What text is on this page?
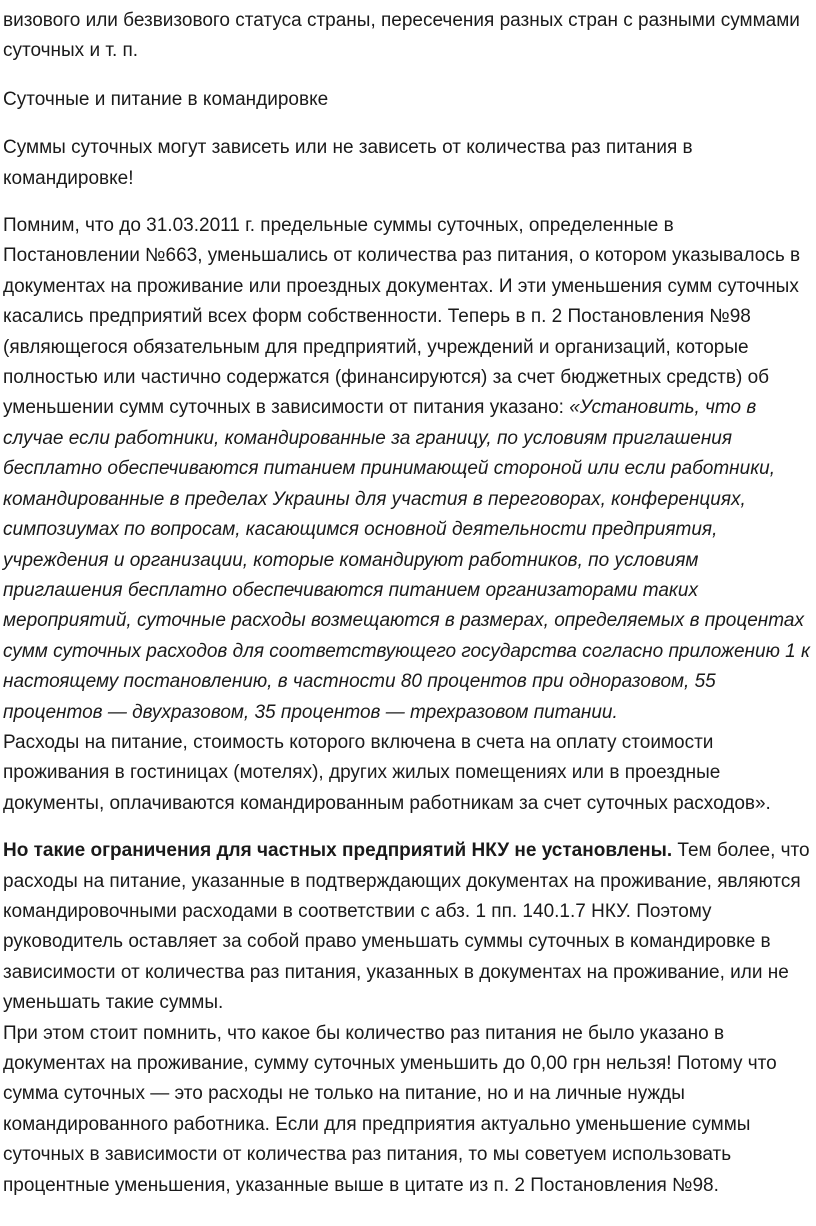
визового или безвизового статуса страны, пересечения разных стран с разными суммами суточных и т. п.

Суточные и питание в командировке

Суммы суточных могут зависеть или не зависеть от количества раз питания в командировке!

Помним, что до 31.03.2011 г. предельные суммы суточных, определенные в Постановлении №663, уменьшались от количества раз питания, о котором указывалось в документах на проживание или проездных документах. И эти уменьшения сумм суточных касались предприятий всех форм собственности. Теперь в п. 2 Постановления №98 (являющегося обязательным для предприятий, учреждений и организаций, которые полностью или частично содержатся (финансируются) за счет бюджетных средств) об уменьшении сумм суточных в зависимости от питания указано: «Установить, что в случае если работники, командированные за границу, по условиям приглашения бесплатно обеспечиваются питанием принимающей стороной или если работники, командированные в пределах Украины для участия в переговорах, конференциях, симпозиумах по вопросам, касающимся основной деятельности предприятия, учреждения и организации, которые командируют работников, по условиям приглашения бесплатно обеспечиваются питанием организаторами таких мероприятий, суточные расходы возмещаются в размерах, определяемых в процентах сумм суточных расходов для соответствующего государства согласно приложению 1 к настоящему постановлению, в частности 80 процентов при одноразовом, 55 процентов — двухразовом, 35 процентов — трехразовом питании.
Расходы на питание, стоимость которого включена в счета на оплату стоимости проживания в гостиницах (мотелях), других жилых помещениях или в проездные документы, оплачиваются командированным работникам за счет суточных расходов».

Но такие ограничения для частных предприятий НКУ не установлены. Тем более, что расходы на питание, указанные в подтверждающих документах на проживание, являются командировочными расходами в соответствии с абз. 1 пп. 140.1.7 НКУ. Поэтому руководитель оставляет за собой право уменьшать суммы суточных в командировке в зависимости от количества раз питания, указанных в документах на проживание, или не уменьшать такие суммы.
При этом стоит помнить, что какое бы количество раз питания не было указано в документах на проживание, сумму суточных уменьшить до 0,00 грн нельзя! Потому что сумма суточных — это расходы не только на питание, но и на личные нужды командированного работника. Если для предприятия актуально уменьшение суммы суточных в зависимости от количества раз питания, то мы советуем использовать процентные уменьшения, указанные выше в цитате из п. 2 Постановления №98.
